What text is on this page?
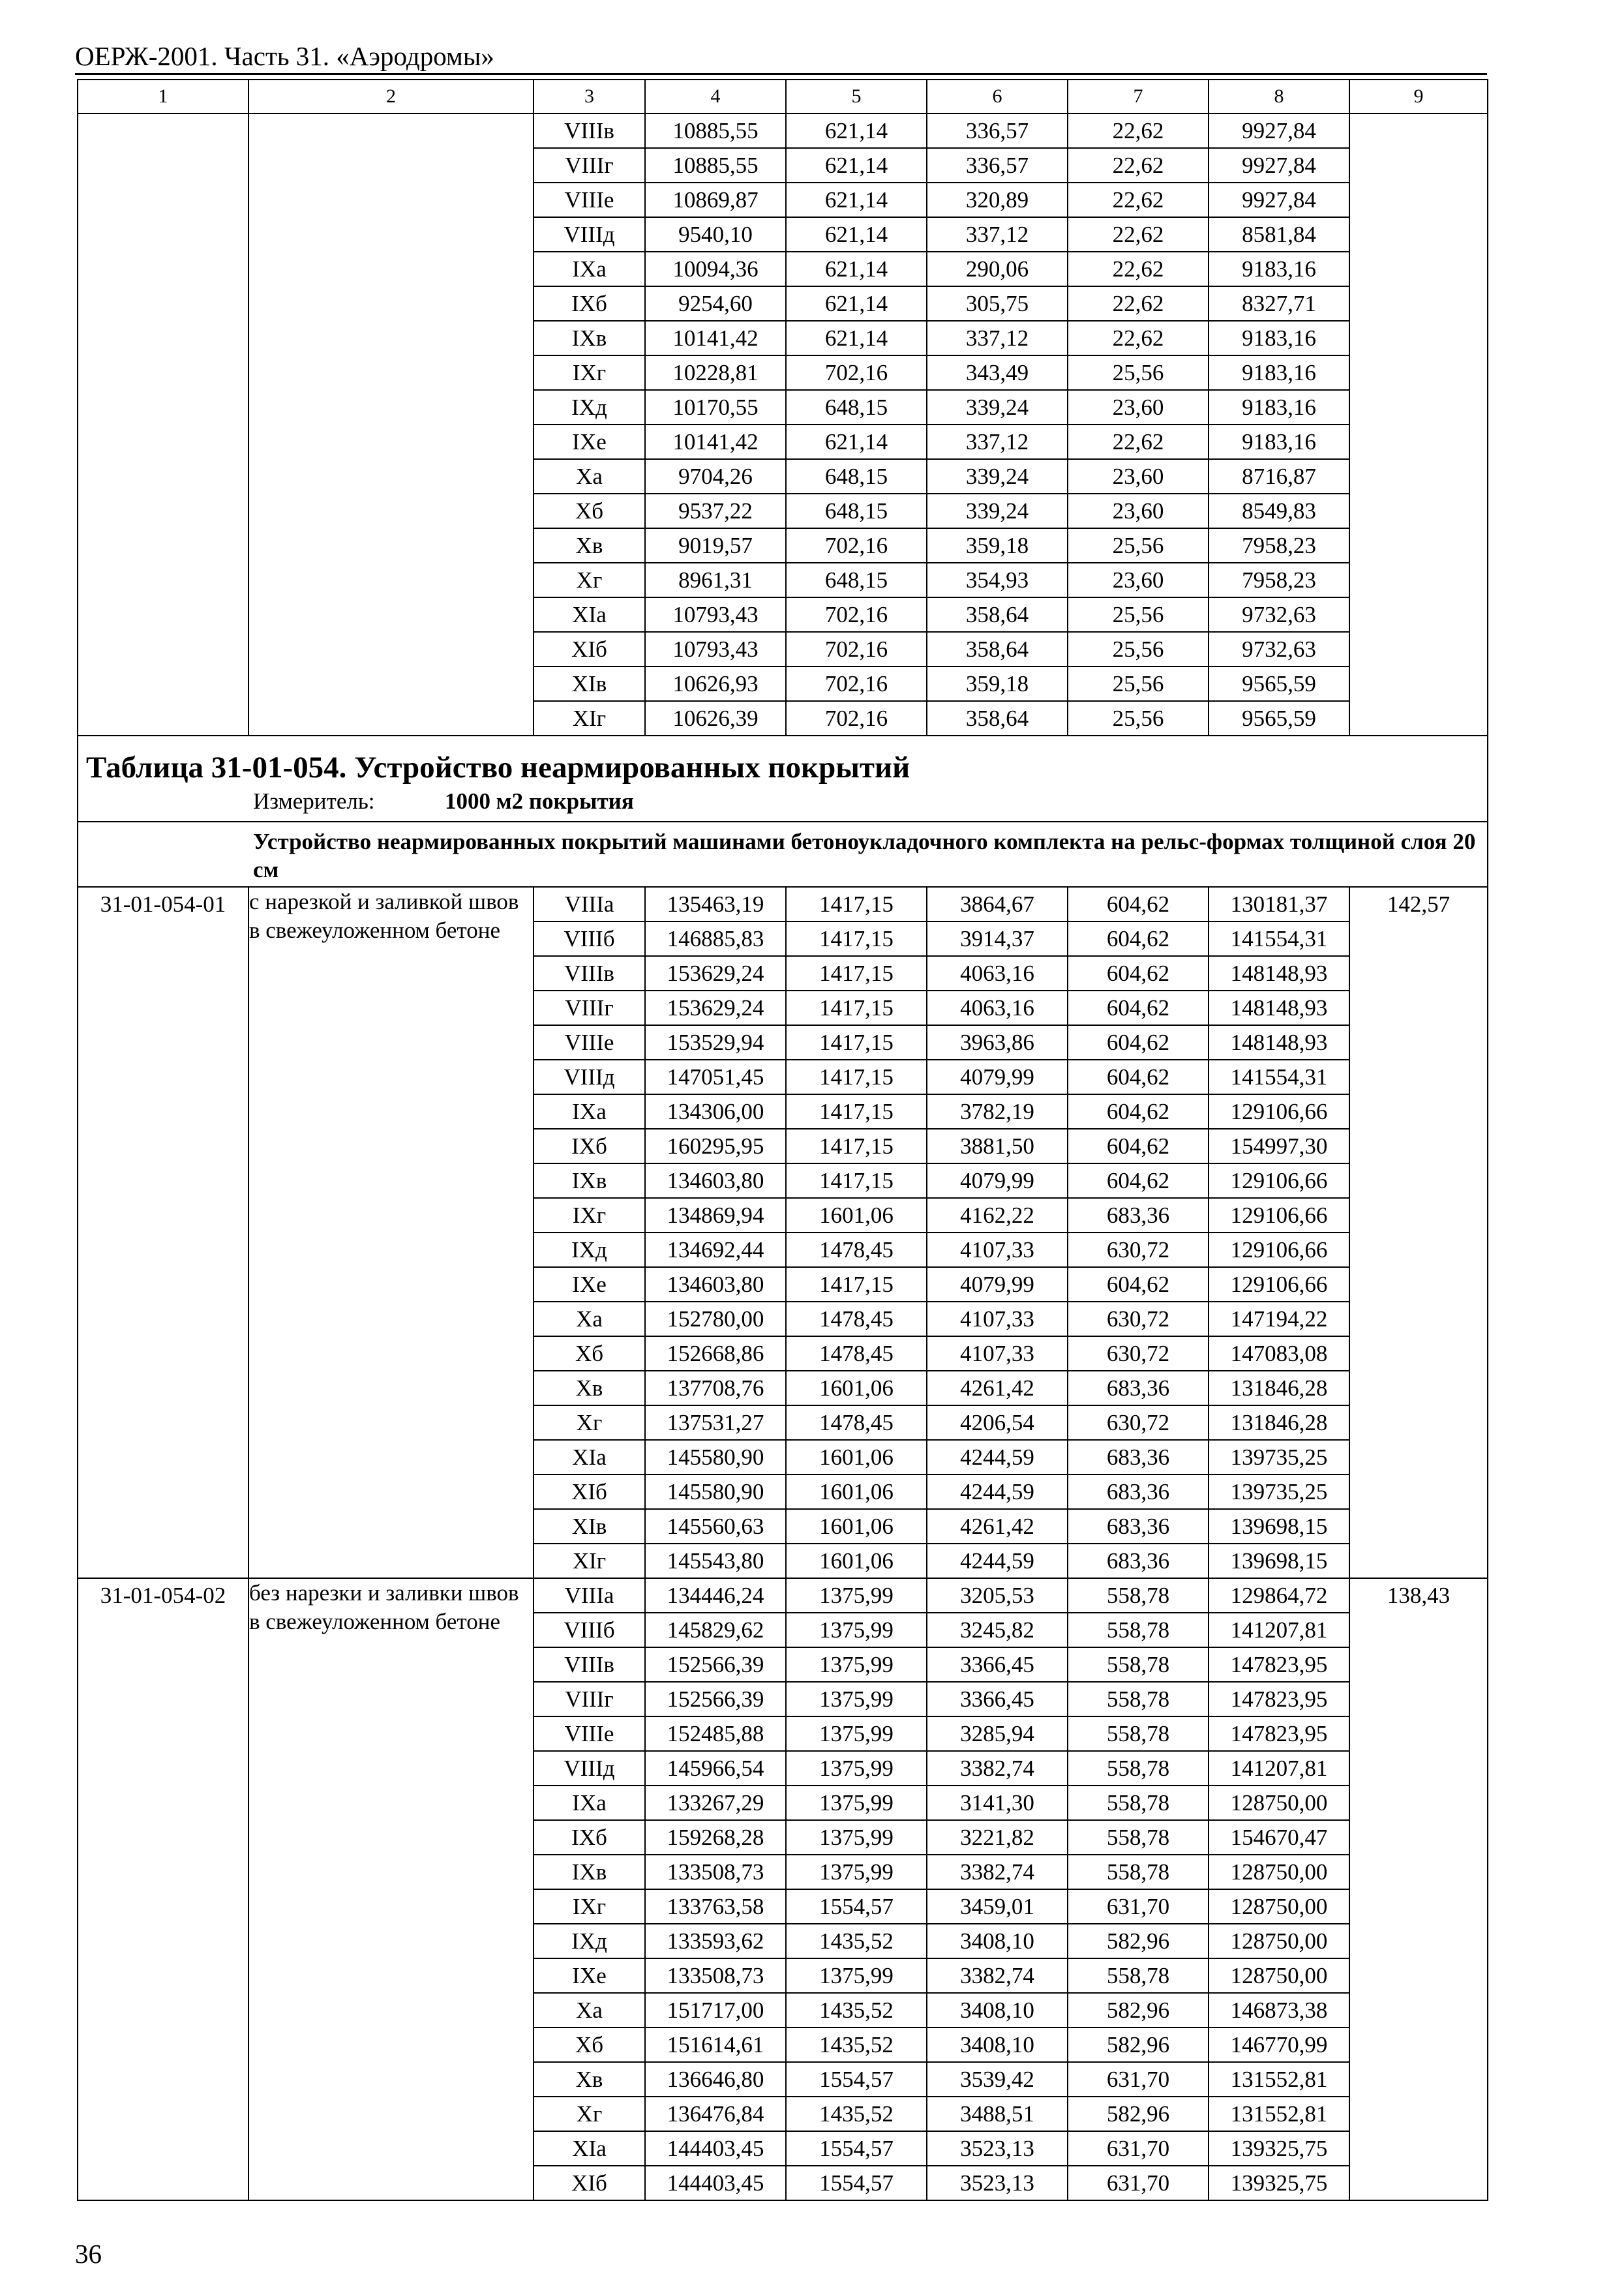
ОЕРЖ-2001. Часть 31. «Аэродромы»
1	2	3	4	5	6	7	8	9
		VIIIв	10885,55	621,14	336,57	22,62	9927,84	
		VIIIг	10885,55	621,14	336,57	22,62	9927,84	
		VIIIе	10869,87	621,14	320,89	22,62	9927,84	
		VIIIд	9540,10	621,14	337,12	22,62	8581,84	
		IXа	10094,36	621,14	290,06	22,62	9183,16	
		IXб	9254,60	621,14	305,75	22,62	8327,71	
		IXв	10141,42	621,14	337,12	22,62	9183,16	
		IXг	10228,81	702,16	343,49	25,56	9183,16	
		IXд	10170,55	648,15	339,24	23,60	9183,16	
		IXе	10141,42	621,14	337,12	22,62	9183,16	
		Xа	9704,26	648,15	339,24	23,60	8716,87	
		Xб	9537,22	648,15	339,24	23,60	8549,83	
		Xв	9019,57	702,16	359,18	25,56	7958,23	
		Xг	8961,31	648,15	354,93	23,60	7958,23	
		XIа	10793,43	702,16	358,64	25,56	9732,63	
		XIб	10793,43	702,16	358,64	25,56	9732,63	
		XIв	10626,93	702,16	359,18	25,56	9565,59	
		XIг	10626,39	702,16	358,64	25,56	9565,59	

Таблица 31-01-054. Устройство неармированных покрытий
Измеритель: 1000 м2 покрытия								

Устройство неармированных покрытий машинами бетоноукладочного комплекта на рельс-формах толщиной слоя 20 см								

31-01-054-01	с нарезкой и заливкой швов в свежеуложенном бетоне	VIIIа	135463,19	1417,15	3864,67	604,62	130181,37	142,57
		VIIIб	146885,83	1417,15	3914,37	604,62	141554,31	
		VIIIв	153629,24	1417,15	4063,16	604,62	148148,93	
		VIIIг	153629,24	1417,15	4063,16	604,62	148148,93	
		VIIIе	153529,94	1417,15	3963,86	604,62	148148,93	
		VIIIд	147051,45	1417,15	4079,99	604,62	141554,31	
		IXа	134306,00	1417,15	3782,19	604,62	129106,66	
		IXб	160295,95	1417,15	3881,50	604,62	154997,30	
		IXв	134603,80	1417,15	4079,99	604,62	129106,66	
		IXг	134869,94	1601,06	4162,22	683,36	129106,66	
		IXд	134692,44	1478,45	4107,33	630,72	129106,66	
		IXе	134603,80	1417,15	4079,99	604,62	129106,66	
		Xа	152780,00	1478,45	4107,33	630,72	147194,22	
		Xб	152668,86	1478,45	4107,33	630,72	147083,08	
		Xв	137708,76	1601,06	4261,42	683,36	131846,28	
		Xг	137531,27	1478,45	4206,54	630,72	131846,28	
		XIа	145580,90	1601,06	4244,59	683,36	139735,25	
		XIб	145580,90	1601,06	4244,59	683,36	139735,25	
		XIв	145560,63	1601,06	4261,42	683,36	139698,15	
		XIг	145543,80	1601,06	4244,59	683,36	139698,15	
31-01-054-02	без нарезки и заливки швов в свежеуложенном бетоне	VIIIа	134446,24	1375,99	3205,53	558,78	129864,72	138,43
		VIIIб	145829,62	1375,99	3245,82	558,78	141207,81	
		VIIIв	152566,39	1375,99	3366,45	558,78	147823,95	
		VIIIг	152566,39	1375,99	3366,45	558,78	147823,95	
		VIIIе	152485,88	1375,99	3285,94	558,78	147823,95	
		VIIIд	145966,54	1375,99	3382,74	558,78	141207,81	
		IXа	133267,29	1375,99	3141,30	558,78	128750,00	
		IXб	159268,28	1375,99	3221,82	558,78	154670,47	
		IXв	133508,73	1375,99	3382,74	558,78	128750,00	
		IXг	133763,58	1554,57	3459,01	631,70	128750,00	
		IXд	133593,62	1435,52	3408,10	582,96	128750,00	
		IXе	133508,73	1375,99	3382,74	558,78	128750,00	
		Xа	151717,00	1435,52	3408,10	582,96	146873,38	
		Xб	151614,61	1435,52	3408,10	582,96	146770,99	
		Xв	136646,80	1554,57	3539,42	631,70	131552,81	
		Xг	136476,84	1435,52	3488,51	582,96	131552,81	
		XIа	144403,45	1554,57	3523,13	631,70	139325,75	
		XIб	144403,45	1554,57	3523,13	631,70	139325,75	
36
